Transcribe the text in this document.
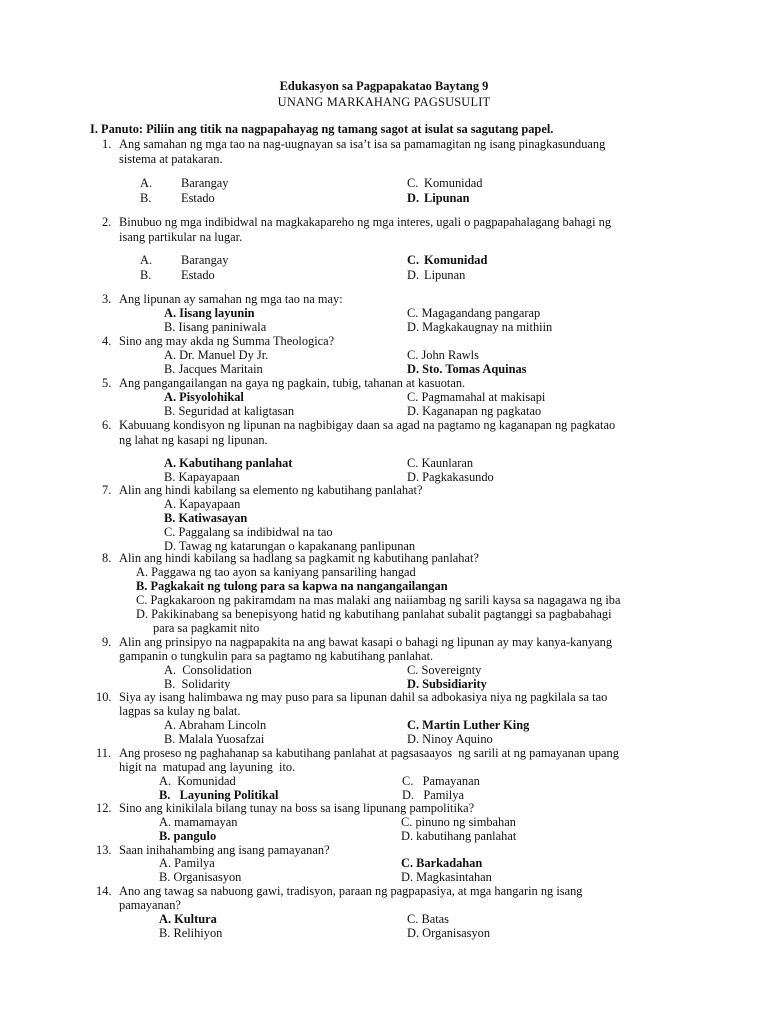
Edukasyon sa Pagpapakatao Baytang 9
UNANG MARKAHANG PAGSUSULIT
I. Panuto: Piliin ang titik na nagpapahayag ng tamang sagot at isulat sa sagutang papel.
1. Ang samahan ng mga tao na nag-uugnayan sa isa’t isa sa pamamagitan ng isang pinagkasunduang
sistema at patakaran.
A. Barangay
B. Estado
C. Komunidad
D. Lipunan
2. Binubuo ng mga indibidwal na magkakapareho ng mga interes, ugali o pagpapahalagang bahagi ng
isang partikular na lugar.
A. Barangay
B. Estado
C. Komunidad
D. Lipunan
3. Ang lipunan ay samahan ng mga tao na may:
A. Iisang layunin
B. Iisang paniniwala
C. Magagandang pangarap
D. Magkakaugnay na mithiin
4. Sino ang may akda ng Summa Theologica?
A. Dr. Manuel Dy Jr.
B. Jacques Maritain
C. John Rawls
D. Sto. Tomas Aquinas
5. Ang pangangailangan na gaya ng pagkain, tubig, tahanan at kasuotan.
A. Pisyolohikal
B. Seguridad at kaligtasan
C. Pagmamahal at makisapi
D. Kaganapan ng pagkatao
6. Kabuuang kondisyon ng lipunan na nagbibigay daan sa agad na pagtamo ng kaganapan ng pagkatao
ng lahat ng kasapi ng lipunan.
A. Kabutihang panlahat
B. Kapayapaan
C. Kaunlaran
D. Pagkakasundo
7. Alin ang hindi kabilang sa elemento ng kabutihang panlahat?
A. Kapayapaan
B. Katiwasayan
C. Paggalang sa indibidwal na tao
D. Tawag ng katarungan o kapakanang panlipunan
8. Alin ang hindi kabilang sa hadlang sa pagkamit ng kabutihang panlahat?
A. Paggawa ng tao ayon sa kaniyang pansariling hangad
B. Pagkakait ng tulong para sa kapwa na nangangailangan
C. Pagkakaroon ng pakiramdam na mas malaki ang naiiambag ng sarili kaysa sa nagagawa ng iba
D. Pakikinabang sa benepisyong hatid ng kabutihang panlahat subalit pagtanggi sa pagbabahagi
para sa pagkamit nito
9. Alin ang prinsipyo na nagpapakita na ang bawat kasapi o bahagi ng lipunan ay may kanya-kanyang
gampanin o tungkulin para sa pagtamo ng kabutihang panlahat.
A.  Consolidation
B.  Solidarity
C. Sovereignty
D. Subsidiarity
10. Siya ay isang halimbawa ng may puso para sa lipunan dahil sa adbokasiya niya ng pagkilala sa tao
lagpas sa kulay ng balat.
A. Abraham Lincoln
B. Malala Yuosafzai
C. Martin Luther King
D. Ninoy Aquino
11. Ang proseso ng paghahanap sa kabutihang panlahat at pagsasaayos  ng sarili at ng pamayanan upang
higit na  matupad ang layuning  ito.
A.  Komunidad
B.   Layuning Politikal
C.   Pamayanan
D.   Pamilya
12. Sino ang kinikilala bilang tunay na boss sa isang lipunang pampolitika?
A. mamamayan
B. pangulo
C. pinuno ng simbahan
D. kabutihang panlahat
13. Saan inihahambing ang isang pamayanan?
A. Pamilya
B. Organisasyon
C. Barkadahan
D. Magkasintahan
14. Ano ang tawag sa nabuong gawi, tradisyon, paraan ng pagpapasiya, at mga hangarin ng isang
pamayanan?
A. Kultura
B. Relihiyon
C. Batas
D. Organisasyon
